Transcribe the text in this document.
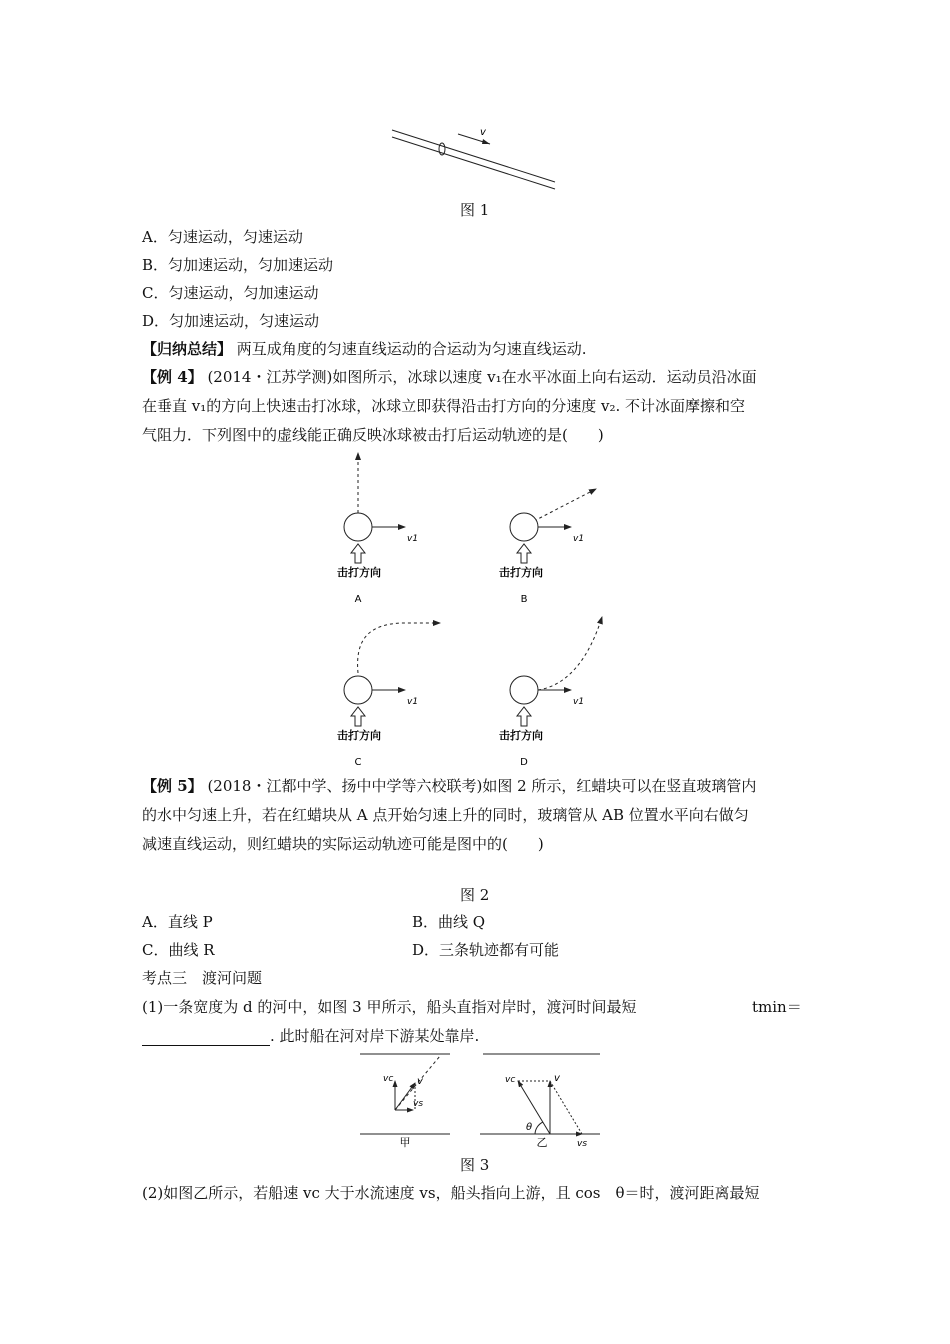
v
图 1
A．匀速运动，匀速运动
B．匀加速运动，匀加速运动
C．匀速运动，匀加速运动
D．匀加速运动，匀速运动
【归纳总结】 两互成角度的匀速直线运动的合运动为匀速直线运动.
【例 4】 (2014・江苏学测)如图所示，冰球以速度 v₁在水平冰面上向右运动．运动员沿冰面
在垂直 v₁的方向上快速击打冰球，冰球立即获得沿击打方向的分速度 v₂. 不计冰面摩擦和空
气阻力．下列图中的虚线能正确反映冰球被击打后运动轨迹的是(　　)
v1
击打方向
A
v1
击打方向
B
v1
击打方向
C
v1
击打方向
D
【例 5】 (2018・江都中学、扬中中学等六校联考)如图 2 所示，红蜡块可以在竖直玻璃管内
的水中匀速上升，若在红蜡块从 A 点开始匀速上升的同时，玻璃管从 AB 位置水平向右做匀
减速直线运动，则红蜡块的实际运动轨迹可能是图中的(　　)
图 2
A．直线 P	B．曲线 Q
C．曲线 R	D．三条轨迹都有可能
考点三　渡河问题
(1)一条宽度为 d 的河中，如图 3 甲所示，船头直指对岸时，渡河时间最短	tmin＝
. 此时船在河对岸下游某处靠岸.
vc v
vs
甲
vc	v
θ
vs
乙
图 3
(2)如图乙所示，若船速 vc 大于水流速度 vs，船头指向上游，且 cos　θ＝时，渡河距离最短
